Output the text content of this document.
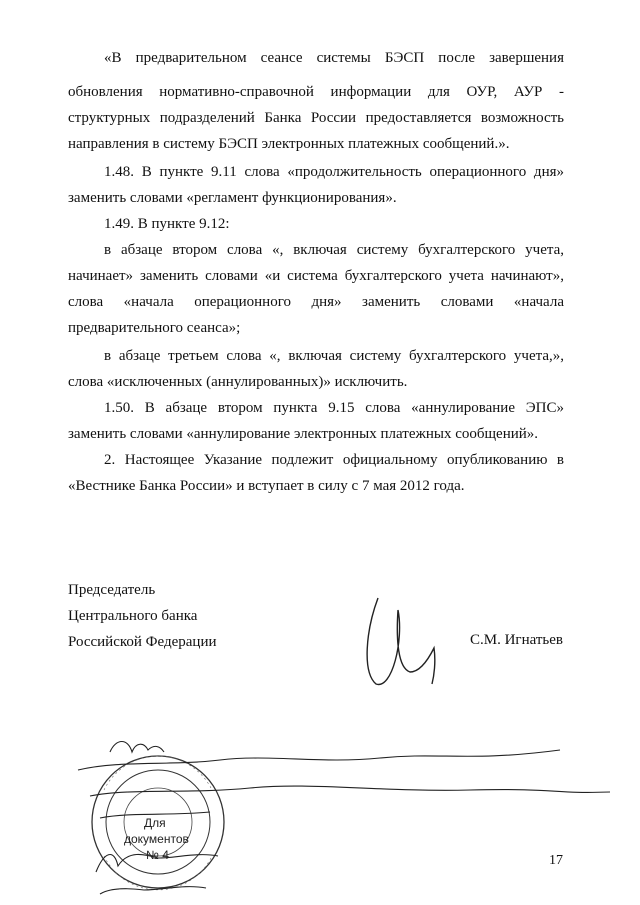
«В предварительном сеансе системы БЭСП после завершения
обновления нормативно-справочной информации для ОУР, АУР -
структурных подразделений Банка России предоставляется возможность
направления в систему БЭСП электронных платежных сообщений.».
1.48. В пункте 9.11 слова «продолжительность операционного дня»
заменить словами «регламент функционирования».
1.49. В пункте 9.12:
в абзаце втором слова «, включая систему бухгалтерского учета,
начинает» заменить словами «и система бухгалтерского учета начинают»,
слова «начала операционного дня» заменить словами «начала
предварительного сеанса»;
в абзаце третьем слова «, включая систему бухгалтерского учета,»,
слова «исключенных (аннулированных)» исключить.
1.50. В абзаце втором пункта 9.15 слова «аннулирование ЭПС»
заменить словами «аннулирование электронных платежных сообщений».
2. Настоящее Указание подлежит официальному опубликованию в
«Вестнике Банка России» и вступает в силу с 7 мая 2012 года.
Председатель
Центрального банка
Российской Федерации	С.М. Игнатьев
Для
документов
№ 4	17
